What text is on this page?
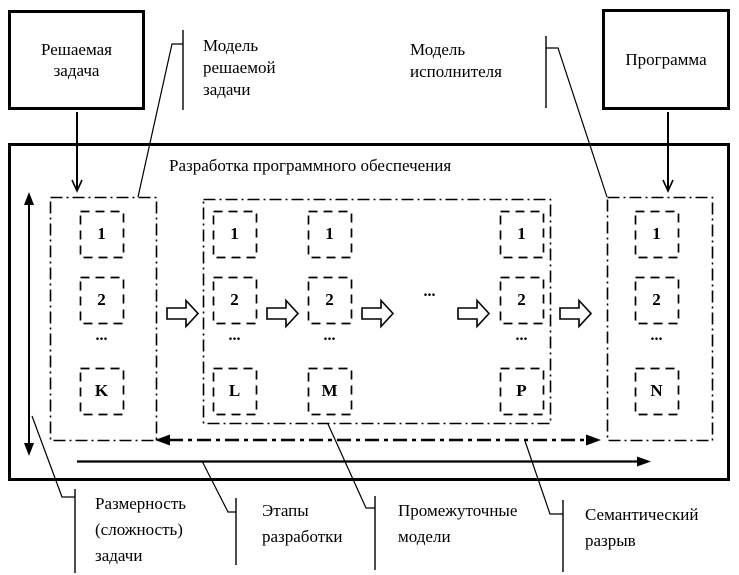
Решаемая задача
Программа
Модель решаемой задачи
Модель исполнителя
Разработка программного обеспечения
1
2
...
K
1
2
...
L
1
2
...
M
1
2
...
P
1
2
...
N
...
Размерность (сложность) задачи
Этапы разработки
Промежуточные модели
Семантический разрыв
